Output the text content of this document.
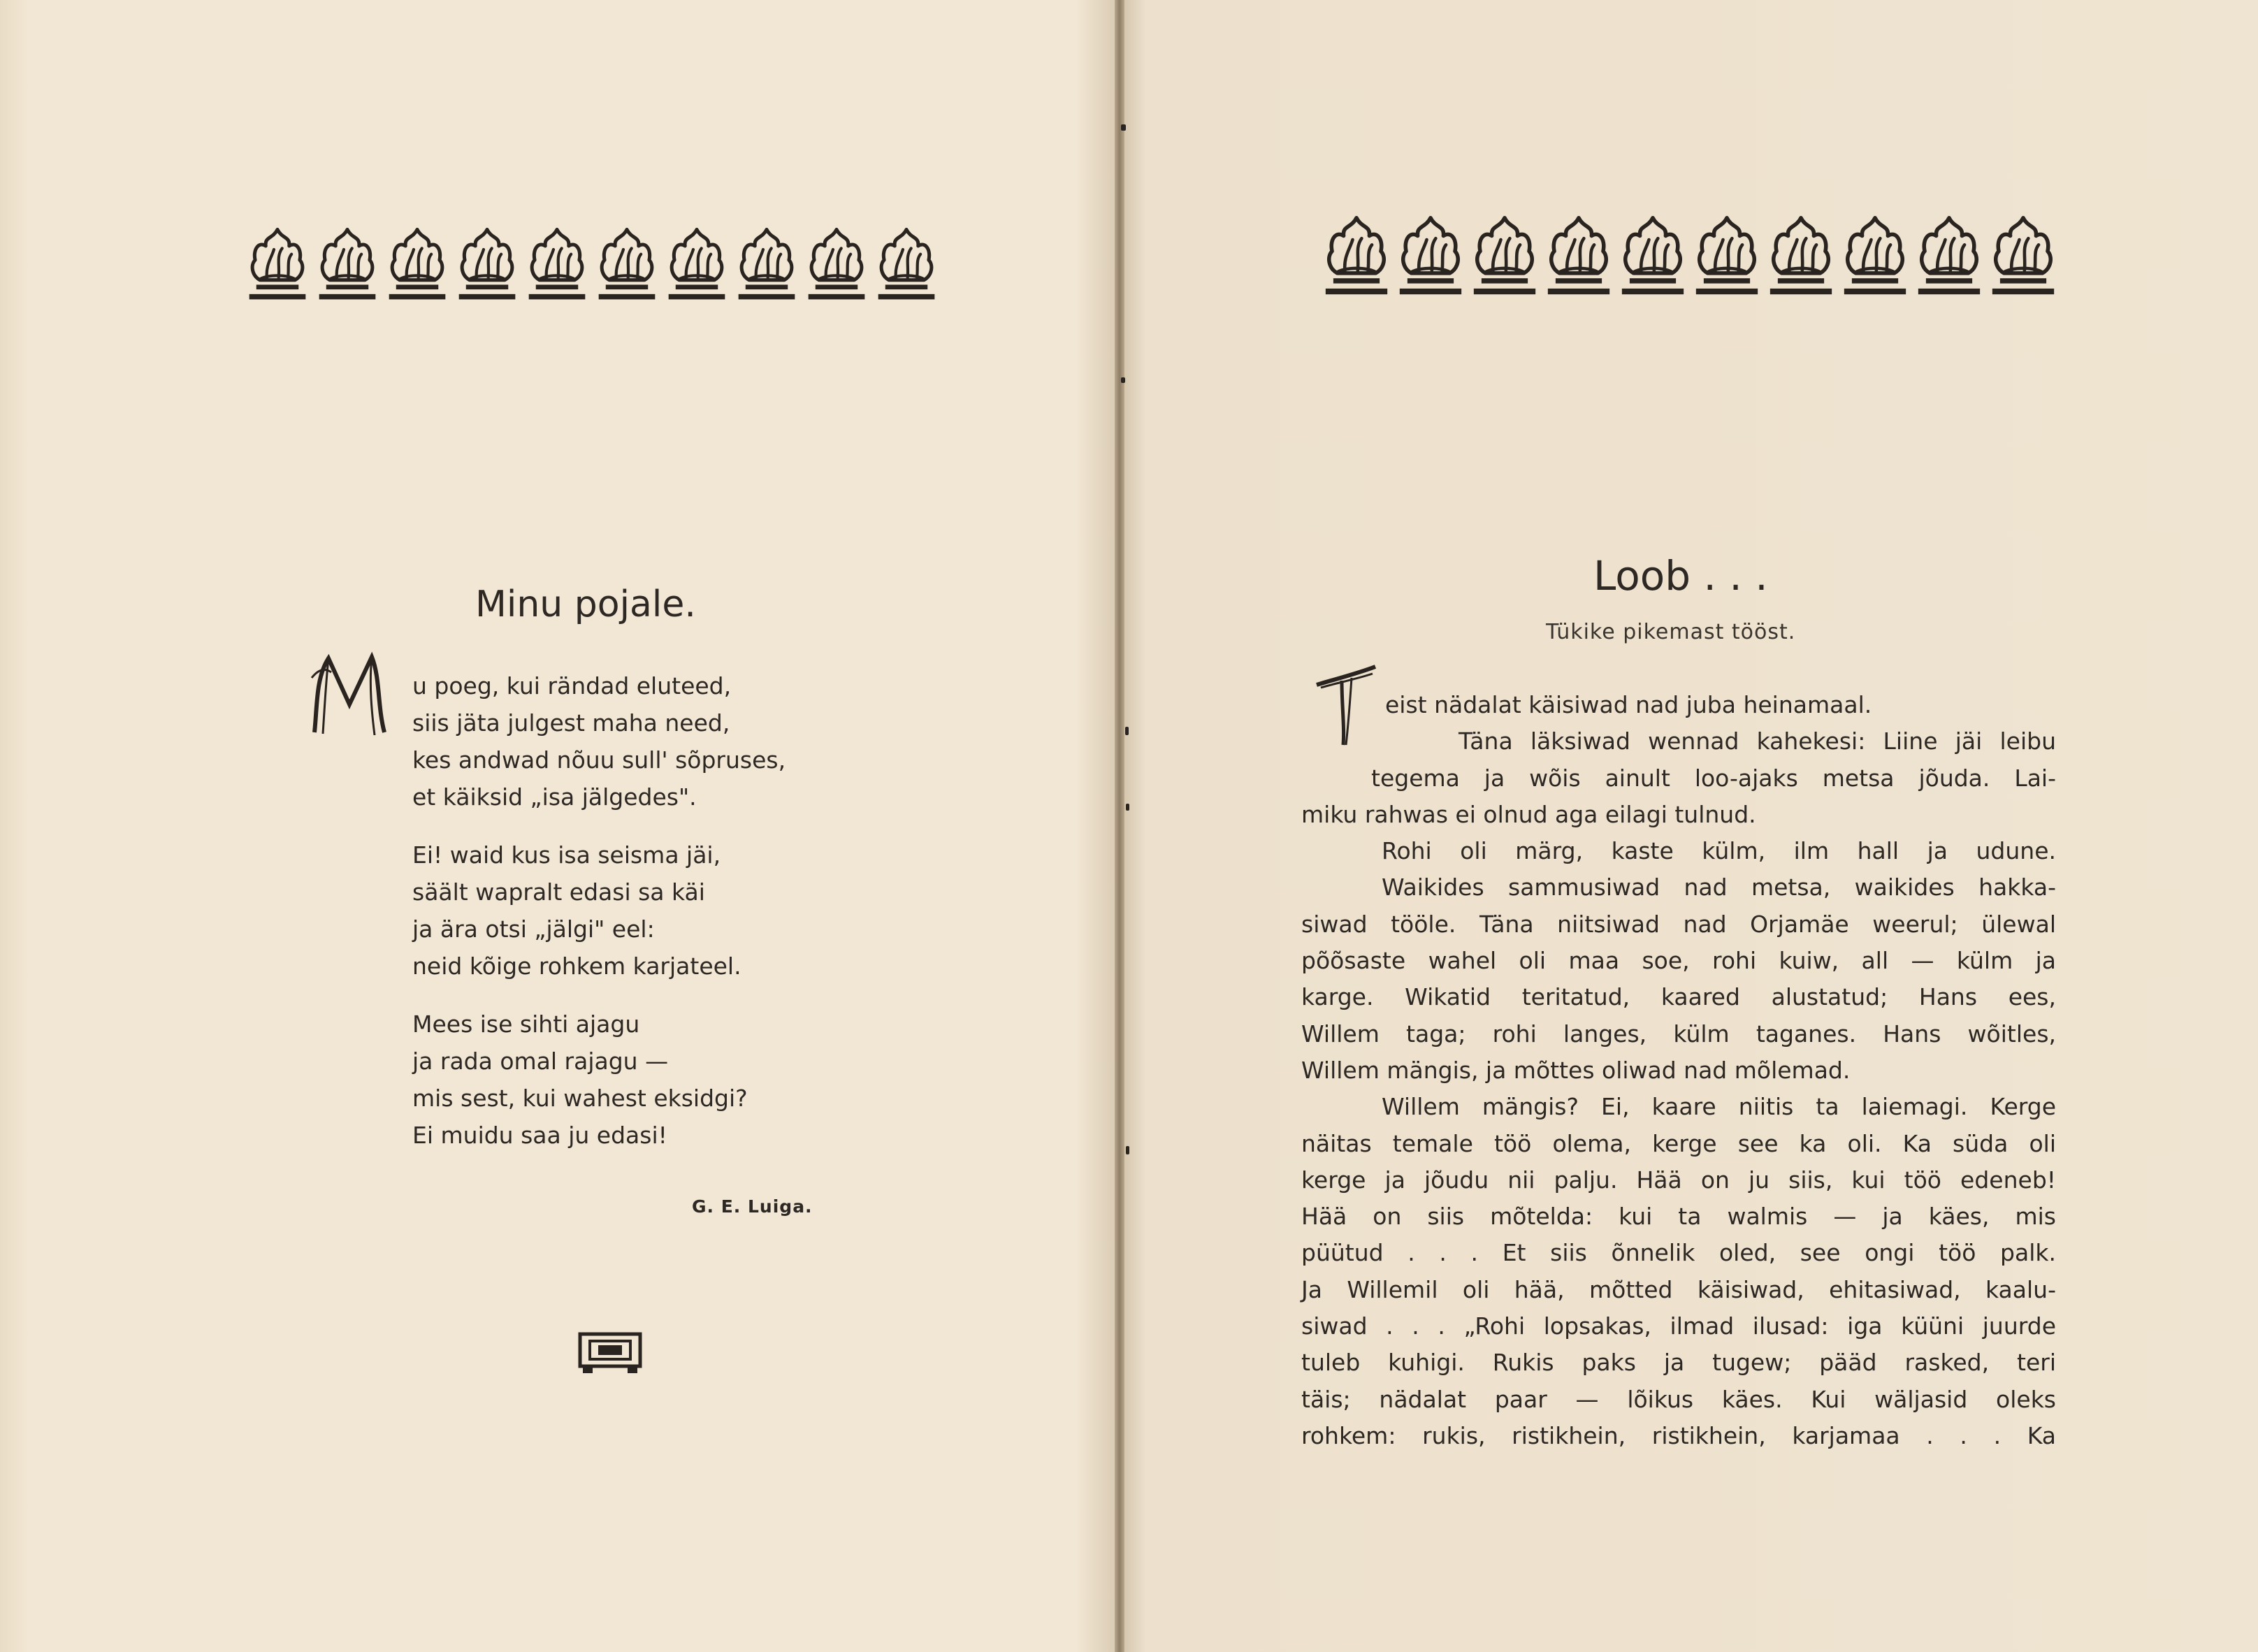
Minu pojale.
u poeg, kui rändad eluteed,
siis jäta julgest maha need,
kes andwad nõuu sull' sõpruses,
et käiksid „isa jälgedes".
Ei! waid kus isa seisma jäi,
säält wapralt edasi sa käi
ja ära otsi „jälgi" eel:
neid kõige rohkem karjateel.
Mees ise sihti ajagu
ja rada omal rajagu —
mis sest, kui wahest eksidgi?
Ei muidu saa ju edasi!
G. E. Luiga.
Loob . . .
Tükike pikemast tööst.
eist nädalat käisiwad nad juba heinamaal.
Täna läksiwad wennad kahekesi: Liine jäi leibu
tegema ja wõis ainult loo-ajaks metsa jõuda. Lai-
miku rahwas ei olnud aga eilagi tulnud.
Rohi oli märg, kaste külm, ilm hall ja udune.
Waikides sammusiwad nad metsa, waikides hakka-
siwad tööle. Täna niitsiwad nad Orjamäe weerul; ülewal
põõsaste wahel oli maa soe, rohi kuiw, all — külm ja
karge. Wikatid teritatud, kaared alustatud; Hans ees,
Willem taga; rohi langes, külm taganes. Hans wõitles,
Willem mängis, ja mõttes oliwad nad mõlemad.
Willem mängis? Ei, kaare niitis ta laiemagi. Kerge
näitas temale töö olema, kerge see ka oli. Ka süda oli
kerge ja jõudu nii palju. Hää on ju siis, kui töö edeneb!
Hää on siis mõtelda: kui ta walmis — ja käes, mis
püütud . . . Et siis õnnelik oled, see ongi töö palk.
Ja Willemil oli hää, mõtted käisiwad, ehitasiwad, kaalu-
siwad . . . „Rohi lopsakas, ilmad ilusad: iga küüni juurde
tuleb kuhigi. Rukis paks ja tugew; pääd rasked, teri
täis; nädalat paar — lõikus käes. Kui wäljasid oleks
rohkem: rukis, ristikhein, ristikhein, karjamaa . . . Ka
